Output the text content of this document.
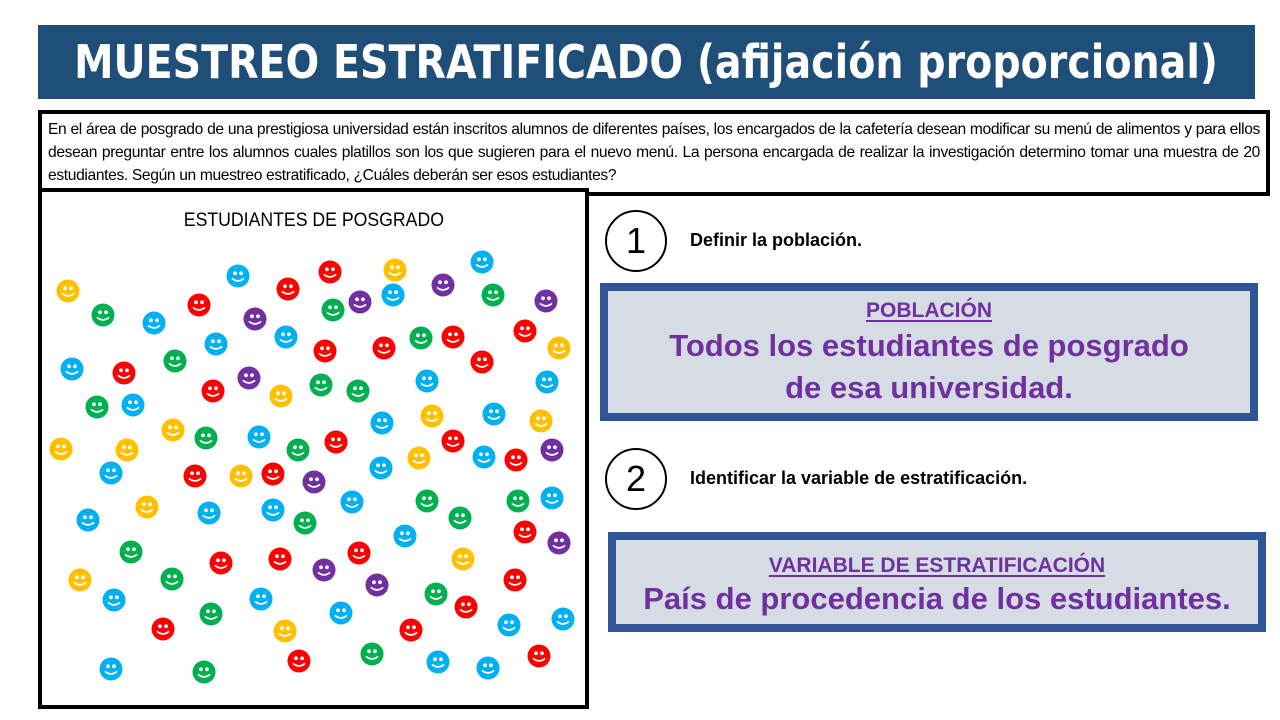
MUESTREO ESTRATIFICADO (afijación proporcional)

En el área de posgrado de una prestigiosa universidad están inscritos alumnos de diferentes países, los encargados de la cafetería desean modificar su menú de alimentos y para ellos desean preguntar entre los alumnos cuales platillos son los que sugieren para el nuevo menú. La persona encargada de realizar la investigación determino tomar una muestra de 20 estudiantes. Según un muestreo estratificado, ¿Cuáles deberán ser esos estudiantes?

ESTUDIANTES DE POSGRADO	1 Definir la población.
POBLACIÓN
Todos los estudiantes de posgrado
de esa universidad.
2 Identificar la variable de estratificación.
VARIABLE DE ESTRATIFICACIÓN
País de procedencia de los estudiantes.
